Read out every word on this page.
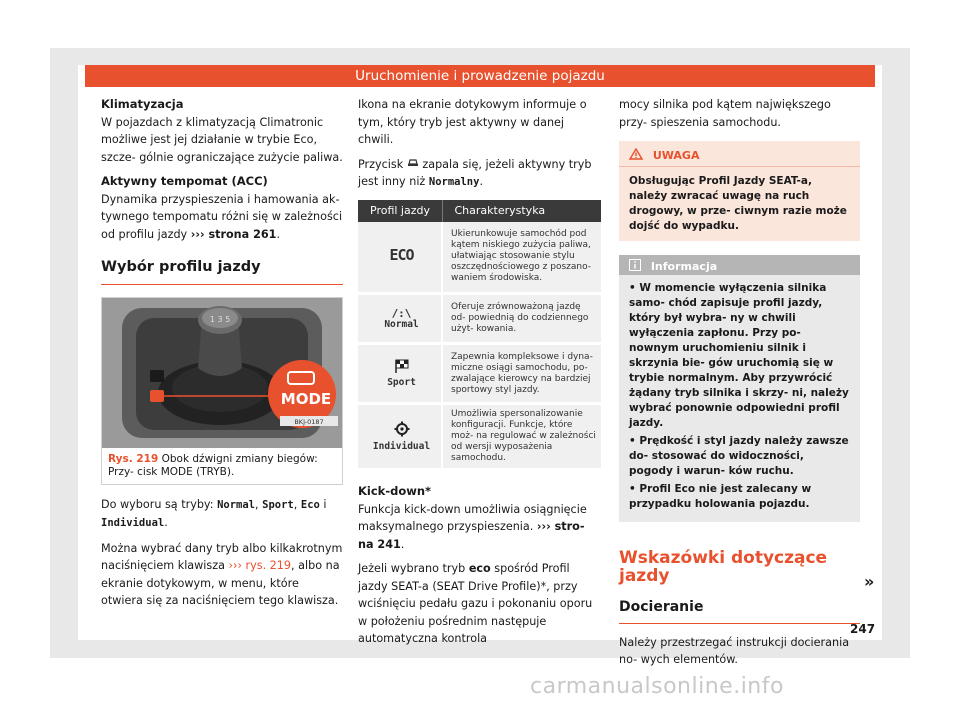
Uruchomienie i prowadzenie pojazdu
Klimatyzacja

W pojazdach z klimatyzacją Climatronic możliwe jest jej działanie w trybie Eco, szcze- gólnie ograniczające zużycie paliwa.

Aktywny tempomat (ACC)

Dynamika przyspieszenia i hamowania ak- tywnego tempomatu różni się w zależności od profilu jazdy ››› strona 261.

Wybór profilu jazdy
1 3 5
BKJ-0187
MODE
Rys. 219 Obok dźwigni zmiany biegów: Przy- cisk MODE (TRYB).

Do wyboru są tryby: Normal, Sport, Eco i Individual.

Można wybrać dany tryb albo kilkakrotnym naciśnięciem klawisza ››› rys. 219, albo na ekranie dotykowym, w menu, które otwiera się za naciśnięciem tego klawisza.

Ikona na ekranie dotykowym informuje o tym, który tryb jest aktywny w danej chwili.

Przycisk zapala się, jeżeli aktywny tryb jest inny niż Normalny.

Profil jazdy	Charakterystyka
ECO	Ukierunkowuje samochód pod kątem niskiego zużycia paliwa, ułatwiając stosowanie stylu oszczędnościowego z poszano- waniem środowiska.

/:\
Normal	Oferuje zrównoważoną jazdę od- powiednią do codziennego użyt- kowania.

Sport	Zapewnia kompleksowe i dyna- miczne osiągi samochodu, po- zwalające kierowcy na bardziej sportowy styl jazdy.

Individual	Umożliwia spersonalizowanie konfiguracji. Funkcje, które moż- na regulować w zależności od wersji wyposażenia samochodu.
Kick-down*

Funkcja kick-down umożliwia osiągnięcie maksymalnego przyspieszenia. ››› stro- na 241.

Jeżeli wybrano tryb eco spośród Profil jazdy SEAT-a (SEAT Drive Profile)*, przy wciśnięciu pedału gazu i pokonaniu oporu w położeniu pośrednim następuje automatyczna kontrola

mocy silnika pod kątem największego przy- spieszenia samochodu.

UWAGA
Obsługując Profil Jazdy SEAT-a, należy zwracać uwagę na ruch drogowy, w prze- ciwnym razie może dojść do wypadku.
Informacja
• W momencie wyłączenia silnika samo- chód zapisuje profil jazdy, który był wybra- ny w chwili wyłączenia zapłonu. Przy po- nownym uruchomieniu silnik i skrzynia bie- gów uruchomią się w trybie normalnym. Aby przywrócić żądany tryb silnika i skrzy- ni, należy wybrać ponownie odpowiedni profil jazdy.
• Prędkość i styl jazdy należy zawsze do- stosować do widoczności, pogody i warun- ków ruchu.
• Profil Eco nie jest zalecany w przypadku holowania pojazdu.
Wskazówki dotyczące jazdy
Docieranie

Należy przestrzegać instrukcji docierania no- wych elementów.

»
247
carmanualsonline.info
